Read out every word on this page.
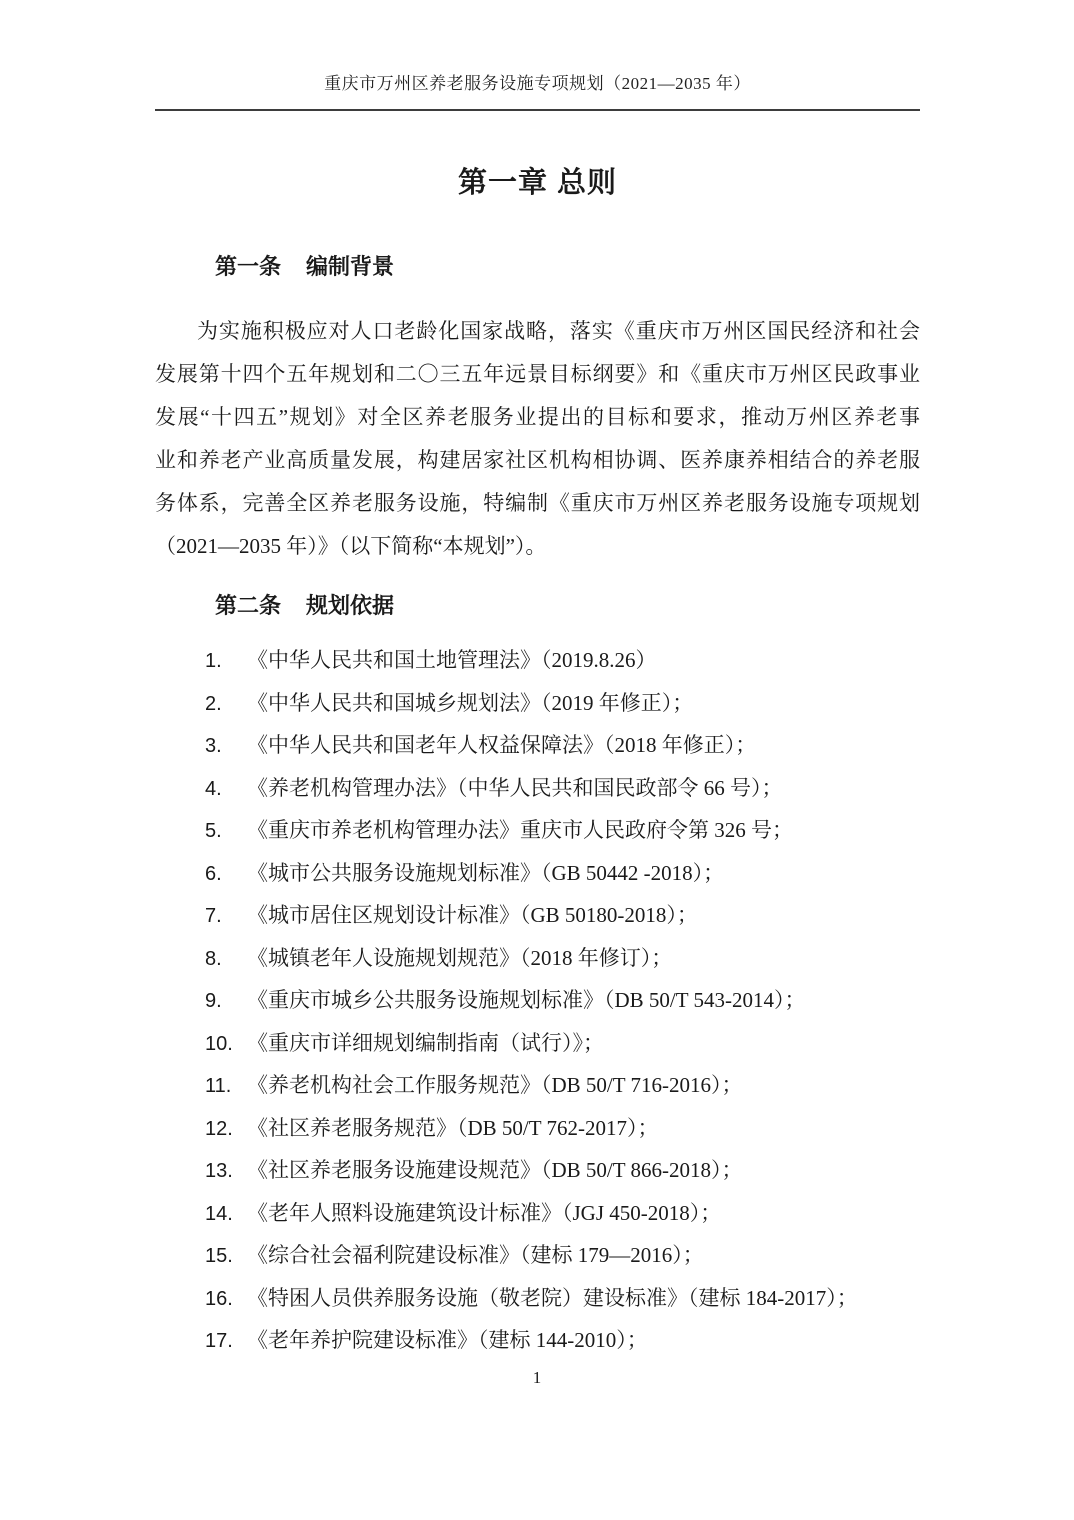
重庆市万州区养老服务设施专项规划（2021—2035 年）
第一章 总则
第一条 编制背景
为实施积极应对人口老龄化国家战略，落实《重庆市万州区国民经济和社会
发展第十四个五年规划和二〇三五年远景目标纲要》和《重庆市万州区民政事业
发展“十四五”规划》对全区养老服务业提出的目标和要求，推动万州区养老事
业和养老产业高质量发展，构建居家社区机构相协调、医养康养相结合的养老服
务体系，完善全区养老服务设施，特编制《重庆市万州区养老服务设施专项规划
（2021—2035 年）》（以下简称“本规划”）。
第二条 规划依据
1.	《中华人民共和国土地管理法》（2019.8.26）
2.	《中华人民共和国城乡规划法》（2019 年修正）；
3.	《中华人民共和国老年人权益保障法》（2018 年修正）；
4.	《养老机构管理办法》（中华人民共和国民政部令 66 号）；
5.	《重庆市养老机构管理办法》重庆市人民政府令第 326 号；
6.	《城市公共服务设施规划标准》（GB 50442 -2018）；
7.	《城市居住区规划设计标准》（GB 50180-2018）；
8.	《城镇老年人设施规划规范》（2018 年修订）；
9.	《重庆市城乡公共服务设施规划标准》（DB 50/T 543-2014）；
10. 《重庆市详细规划编制指南（试行）》；
11. 《养老机构社会工作服务规范》（DB 50/T 716-2016）；
12. 《社区养老服务规范》（DB 50/T 762-2017）；
13. 《社区养老服务设施建设规范》（DB 50/T 866-2018）；
14. 《老年人照料设施建筑设计标准》（JGJ 450-2018）；
15. 《综合社会福利院建设标准》（建标 179—2016）；
16. 《特困人员供养服务设施（敬老院）建设标准》（建标 184-2017）；
17. 《老年养护院建设标准》（建标 144-2010）；
1
